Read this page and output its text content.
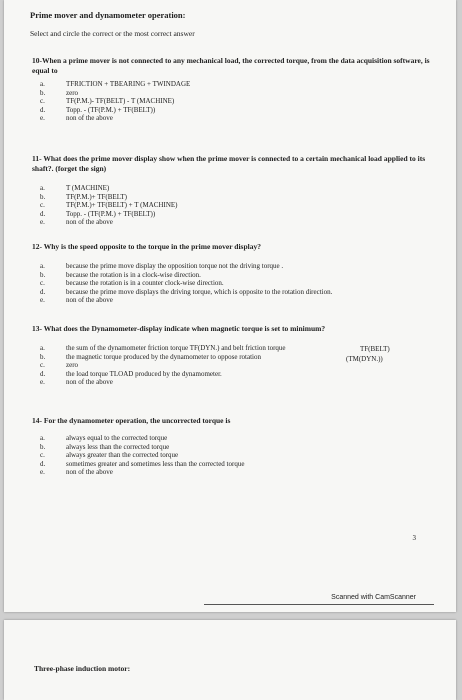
Prime mover and dynamometer operation:
Select and circle the correct or the most correct answer
10-When a prime mover is not connected to any mechanical load, the corrected torque, from the data acquisition software, is equal to
a.	TFRICTION + TBEARING + TWINDAGE
b.	zero
c.	TF(P.M.)- TF(BELT) - T (MACHINE)
d.	Topp. - (TF(P.M.) + TF(BELT))
e.	non of the above
11- What does the prime mover display show when the prime mover is connected to a certain mechanical load applied to its shaft?. (forget the sign)
a.	T (MACHINE)
b.	TF(P.M.)+ TF(BELT)
c.	TF(P.M.)+ TF(BELT) + T (MACHINE)
d.	Topp. - (TF(P.M.) + TF(BELT))
e.	non of the above
12- Why is the speed opposite to the torque in the prime mover display?
a.	because the prime move display the opposition torque not the driving torque .
b.	because the rotation is in a clock-wise direction.
c.	because the rotation is in a counter clock-wise direction.
d.	because the prime move displays the driving torque, which is opposite to the rotation direction.
e.	non of the above
13- What does the Dynamometer-display indicate when magnetic torque is set to minimum?
a.	the sum of the dynamometer friction torque TF(DYN.) and belt friction torque
b.	the magnetic torque produced by the dynamometer to oppose rotation
c.	zero
d.	the load torque TLOAD produced by the dynamometer.
e.	non of the above
TF(BELT)
(TM(DYN.))
14- For the dynamometer operation, the uncorrected torque is
a.	always equal to the corrected torque
b.	always less than the corrected torque
c.	always greater than the corrected torque
d.	sometimes greater and sometimes less than the corrected torque
e.	non of the above
3
Scanned with CamScanner
Three-phase induction motor:
